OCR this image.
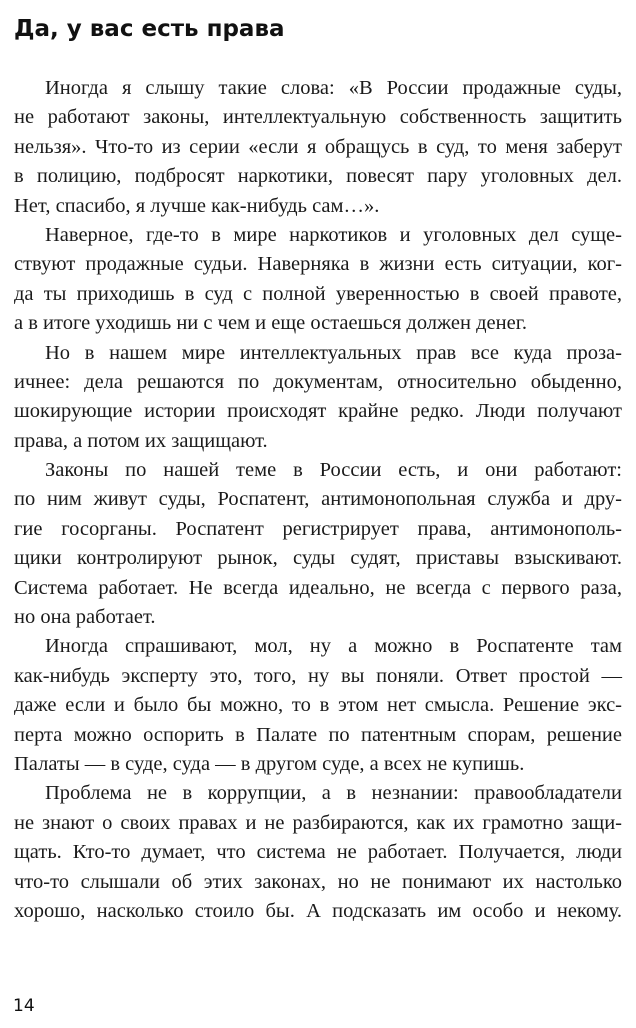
Да, у вас есть права

Иногда я слышу такие слова: «В России продажные суды,
не работают законы, интеллектуальную собственность защитить
нельзя». Что-то из серии «если я обращусь в суд, то меня заберут
в полицию, подбросят наркотики, повесят пару уголовных дел.
Нет, спасибо, я лучше как-нибудь сам…».

Наверное, где-то в мире наркотиков и уголовных дел суще-
ствуют продажные судьи. Наверняка в жизни есть ситуации, ког-
да ты приходишь в суд с полной уверенностью в своей правоте,
а в итоге уходишь ни с чем и еще остаешься должен денег.

Но в нашем мире интеллектуальных прав все куда проза-
ичнее: дела решаются по документам, относительно обыденно,
шокирующие истории происходят крайне редко. Люди получают
права, а потом их защищают.

Законы по нашей теме в России есть, и они работают:
по ним живут суды, Роспатент, антимонопольная служба и дру-
гие госорганы. Роспатент регистрирует права, антимонополь-
щики контролируют рынок, суды судят, приставы взыскивают.
Система работает. Не всегда идеально, не всегда с первого раза,
но она работает.

Иногда спрашивают, мол, ну а можно в Роспатенте там
как-нибудь эксперту это, того, ну вы поняли. Ответ простой —
даже если и было бы можно, то в этом нет смысла. Решение экс-
перта можно оспорить в Палате по патентным спорам, решение
Палаты — в суде, суда — в другом суде, а всех не купишь.

Проблема не в коррупции, а в незнании: правообладатели
не знают о своих правах и не разбираются, как их грамотно защи-
щать. Кто-то думает, что система не работает. Получается, люди
что-то слышали об этих законах, но не понимают их настолько
хорошо, насколько стоило бы. А подсказать им особо и некому.

14
